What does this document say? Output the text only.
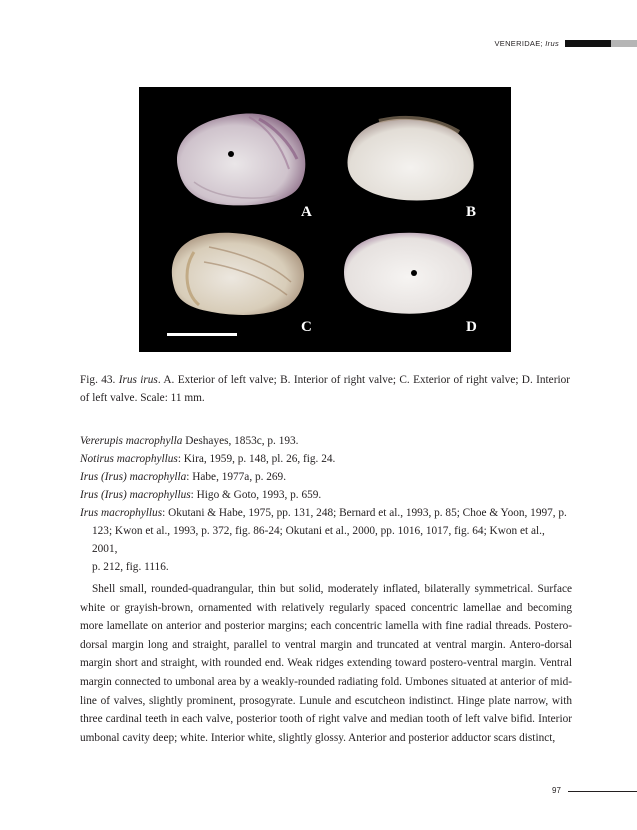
VENERIDAE; Irus
A	B
C	D
Fig. 43. Irus irus. A. Exterior of left valve; B. Interior of right valve; C. Exterior of right valve; D. Interior of left valve. Scale: 11 mm.
Vererupis macrophylla Deshayes, 1853c, p. 193.
Notirus macrophyllus: Kira, 1959, p. 148, pl. 26, fig. 24.
Irus (Irus) macrophylla: Habe, 1977a, p. 269.
Irus (Irus) macrophyllus: Higo & Goto, 1993, p. 659.
Irus macrophyllus: Okutani & Habe, 1975, pp. 131, 248; Bernard et al., 1993, p. 85; Choe & Yoon, 1997, p.
123; Kwon et al., 1993, p. 372, fig. 86-24; Okutani et al., 2000, pp. 1016, 1017, fig. 64; Kwon et al., 2001,
p. 212, fig. 1116.
Shell small, rounded-quadrangular, thin but solid, moderately inflated, bilaterally symmetrical. Surface white or grayish-brown, ornamented with relatively regularly spaced concentric lamellae and becoming more lamellate on anterior and posterior margins; each concentric lamella with fine radial threads. Postero-dorsal margin long and straight, parallel to ventral margin and truncated at ventral margin. Antero-dorsal margin short and straight, with rounded end. Weak ridges extending toward postero-ventral margin. Ventral margin connected to umbonal area by a weakly-rounded radiating fold. Umbones situated at anterior of mid-line of valves, slightly prominent, prosogyrate. Lunule and escutcheon indistinct. Hinge plate narrow, with three cardinal teeth in each valve, posterior tooth of right valve and median tooth of left valve bifid. Interior umbonal cavity deep; white. Interior white, slightly glossy. Anterior and posterior adductor scars distinct,
97
